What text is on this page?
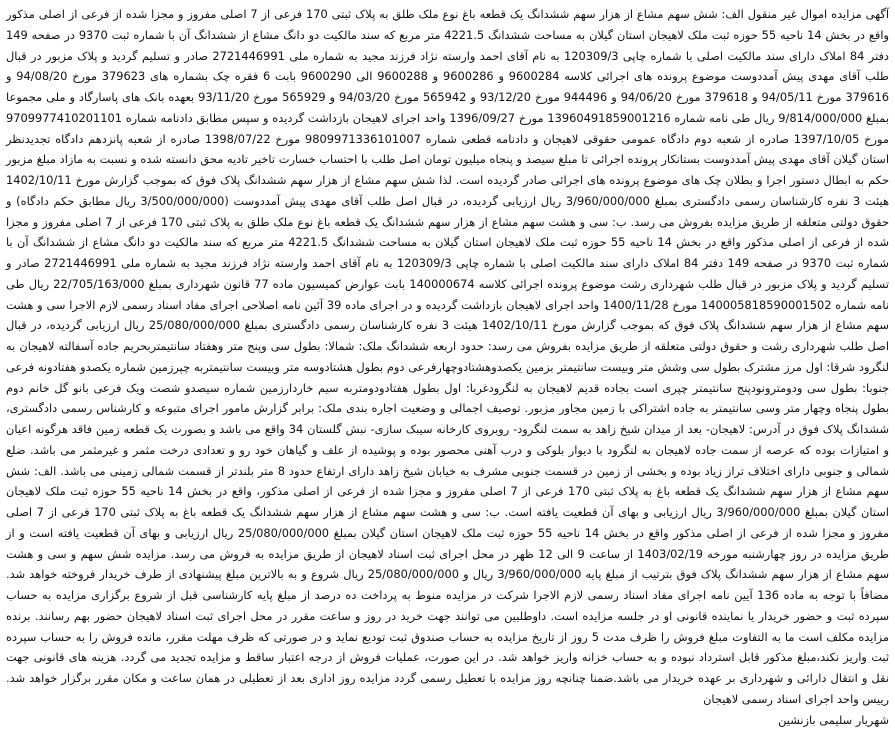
آگهی مزایده اموال غیر منقول الف: شش سهم مشاع از هزار سهم ششدانگ یک قطعه باغ نوع ملک طلق به پلاک ثبتی 170 فرعی از 7 اصلی مفروز و مجزا شده از فرعی از اصلی مذکور واقع در بخش 14 ناحیه 55 حوزه ثبت ملک لاهیجان استان گیلان به مساحت ششدانگ 4221.5 متر مربع که سند مالکیت دو دانگ مشاع از ششدانگ آن با شماره ثبت 9370 در صفحه 149 دفتر 84 املاک دارای سند مالکیت اصلی با شماره چاپی 120309/3 به نام آقای احمد وارسته نژاد فرزند مجید به شماره ملی 2721446991 صادر و تسلیم گردید و پلاک مزبور در قبال طلب آقای مهدی پیش آمددوست موضوع پرونده های اجرائی کلاسه 9600284 و 9600286 و 9600288 الی 9600290 بابت 6 فقره چک بشماره های 379623 مورخ 94/08/20 و 379616 مورخ 94/05/11 و 379618 مورخ 94/06/20 و 944496 مورخ 93/12/20 و 565942 مورخ 94/03/20 و 565929 مورخ 93/11/20 بعهده بانک های پاسارگاد و ملی مجموعا بمبلغ 9/814/000/000 ریال طی نامه شماره 1396049185900121​6 مورخ 1396/09/27 واحد اجرای لاهیجان بازداشت گردیده و سپس مطابق دادنامه شماره 9709977410201101 مورخ 1397/10/05 صادره از شعبه دوم دادگاه عمومی حقوقی لاهیجان و دادنامه قطعی شماره 980997133610100​7 مورخ 1398/07/22 صادره از شعبه پانزدهم دادگاه تجدیدنظر استان گیلان آقای مهدی پیش آمددوست بستانکار پرونده اجرائی تا مبلغ سیصد و پنجاه میلیون تومان اصل طلب با احتساب خسارت تاخیر تادیه محق دانسته شده و نسبت به مازاد مبلغ مزبور حکم به ابطال دستور اجرا و بطلان چک های موضوع پرونده های اجرائی صادر گردیده است. لذا شش سهم مشاع از هزار سهم ششدانگ پلاک فوق که بموجب گزارش مورخ 1402/10/11 هیئت 3 نفره کارشناسان رسمی دادگستری بمبلغ 3/960/000/000 ریال ارزیابی گردیده، در قبال اصل طلب آقای مهدی پیش آمددوست (3/500/000/000 ریال مطابق حکم دادگاه) و حقوق دولتی متعلقه از طریق مزایده بفروش می رسد. ب: سی و هشت سهم مشاع از هزار سهم ششدانگ یک قطعه باغ نوع ملک طلق به پلاک ثبتی 170 فرعی از 7 اصلی مفروز و مجزا شده از فرعی از اصلی مذکور واقع در بخش 14 ناحیه 55 حوزه ثبت ملک لاهیجان استان گیلان به مساحت ششدانگ 4221.5 متر مربع که سند مالکیت دو دانگ مشاع از ششدانگ آن با شماره ثبت 9370 در صفحه 149 دفتر 84 املاک دارای سند مالکیت اصلی با شماره چاپی 120309/3 به نام آقای احمد وارسته نژاد فرزند مجید به شماره ملی 2721446991 صادر و تسلیم گردید و پلاک مزبور در قبال طلب شهرداری رشت موضوع پرونده اجرائی کلاسه 140000674 بابت عوارض کمیسیون ماده 77 قانون شهرداری بمبلغ 22/705/163/000 ریال طی نامه شماره 140005818590001502 مورخ 1400/11/28 واحد اجرای لاهیجان بازداشت گردیده و در اجرای ماده 39 آئین نامه اصلاحی اجرای مفاد اسناد رسمی لازم الاجرا سی و هشت سهم مشاع از هزار سهم ششدانگ پلاک فوق که بموجب گزارش مورخ 1402/10/11 هیئت 3 نفره کارشناسان رسمی دادگستری بمبلغ 25/080/000/000 ریال ارزیابی گردیده، در قبال اصل طلب شهرداری رشت و حقوق دولتی متعلقه از طریق مزایده بفروش می رسد: حدود اربعه ششدانگ ملک: شمالا: بطول سی وپنج متر وهفتاد سانتیمتربحریم جاده آسفالته لاهیجان به لنگرود شرقا: اول مرز مشترک بطول سی وشش متر وبیست سانتیمتر بزمین یکصدوهشتادوچهارفرعی دوم بطول هشتادوسه متر وبیست سانتیمتربه چپرزمین شماره یکصدو هفتادونه فرعی جنوبا: بطول سی ودومترونودپنج سانتیمتر چپری است بجاده قدیم لاهیجان به لنگرودغربا: اول بطول هفتادودومتربه سیم خاردارزمین شماره سیصدو شصت ویک فرعی بانو گل خانم دوم بطول پنجاه وچهار متر وسی سانتیمتر به جاده اشتراکی با زمین مجاور مزبور. توصیف اجمالی و وضعیت اجاره بندی ملک: برابر گزارش مامور اجرای متبوعه و کارشناس رسمی دادگستری، ششدانگ پلاک فوق در آدرس: لاهیجان- بعد از میدان شیخ زاهد به سمت لنگرود- روبروی کارخانه سیبک سازی- نبش گلستان 34 واقع می باشد و بصورت یک قطعه زمین فاقد هرگونه اعیان و امتیازات بوده که عرصه از سمت جاده لاهیجان به لنگرود با دیوار بلوکی و درب آهنی محصور بوده و پوشیده از علف و گیاهان خود رو و تعدادی درخت مثمر و غیرمثمر می باشد. ضلع شمالی و جنوبی دارای اختلاف تراز زیاد بوده و بخشی از زمین در قسمت جنوبی مشرف به خیابان شیخ زاهد دارای ارتفاع حدود 8 متر بلندتر از قسمت شمالی زمینی می باشد. الف: شش سهم مشاع از هزار سهم ششدانگ یک قطعه باغ به پلاک ثبتی 170 فرعی از 7 اصلی مفروز و مجزا شده از فرعی از اصلی مذکور، واقع در بخش 14 ناحیه 55 حوزه ثبت ملک لاهیجان استان گیلان بمبلغ 3/960/000/000 ریال ارزیابی و بهای آن قطعیت یافته است. ب: سی و هشت سهم مشاع از هزار سهم ششدانگ یک قطعه باغ به پلاک ثبتی 170 فرعی از 7 اصلی مفروز و مجزا شده از فرعی از اصلی مذکور واقع در بخش 14 ناحیه 55 حوزه ثبت ملک لاهیجان استان گیلان بمبلغ 25/080/000/000 ریال ارزیابی و بهای آن قطعیت یافته است و از طریق مزایده در روز چهارشنبه مورخه 1403/02/19 از ساعت 9 الی 12 ظهر در محل اجرای ثبت اسناد لاهیجان از طریق مزایده به فروش می رسد. مزایده شش سهم و سی و هشت سهم مشاع از هزار سهم ششدانگ پلاک فوق بترتیب از مبلغ پایه 3/960/000/000 ریال و 25/080/000/000 ریال شروع و به بالاترین مبلغ پیشنهادی از طرف خریدار فروخته خواهد شد. مضافاً با توجه به ماده 136 آیین نامه اجرای مفاد اسناد رسمی لازم الاجرا شرکت در مزایده منوط به پرداخت ده درصد از مبلغ پایه کارشناسی قبل از شروع برگزاری مزایده به حساب سپرده ثبت و حضور خریدار یا نماینده قانونی او در جلسه مزایده است. داوطلبین می توانند جهت خرید در روز و ساعت مقرر در محل اجرای ثبت اسناد لاهیجان حضور بهم رسانند. برنده مزایده مکلف است ما به التفاوت مبلغ فروش را ظرف مدت 5 روز از تاریخ مزایده به حساب صندوق ثبت تودیع نماید و در صورتی که ظرف مهلت مقرر، مانده فروش را به حساب سپرده ثبت واریز نکند،مبلغ مذکور قابل استرداد نبوده و به حساب خزانه واریز خواهد شد. در این صورت، عملیات فروش از درجه اعتبار ساقط و مزایده تجدید می گردد. هزینه های قانونی جهت نقل و انتقال دارائی و شهرداری بر عهده خریدار می باشد.ضمنا چنانچه روز مزایده با تعطیل رسمی گردد مزایده روز اداری بعد از تعطیلی در همان ساعت و مکان مقرر برگزار خواهد شد. رییس واحد اجرای اسناد رسمی لاهیجان

شهریار سلیمی بازنشین
